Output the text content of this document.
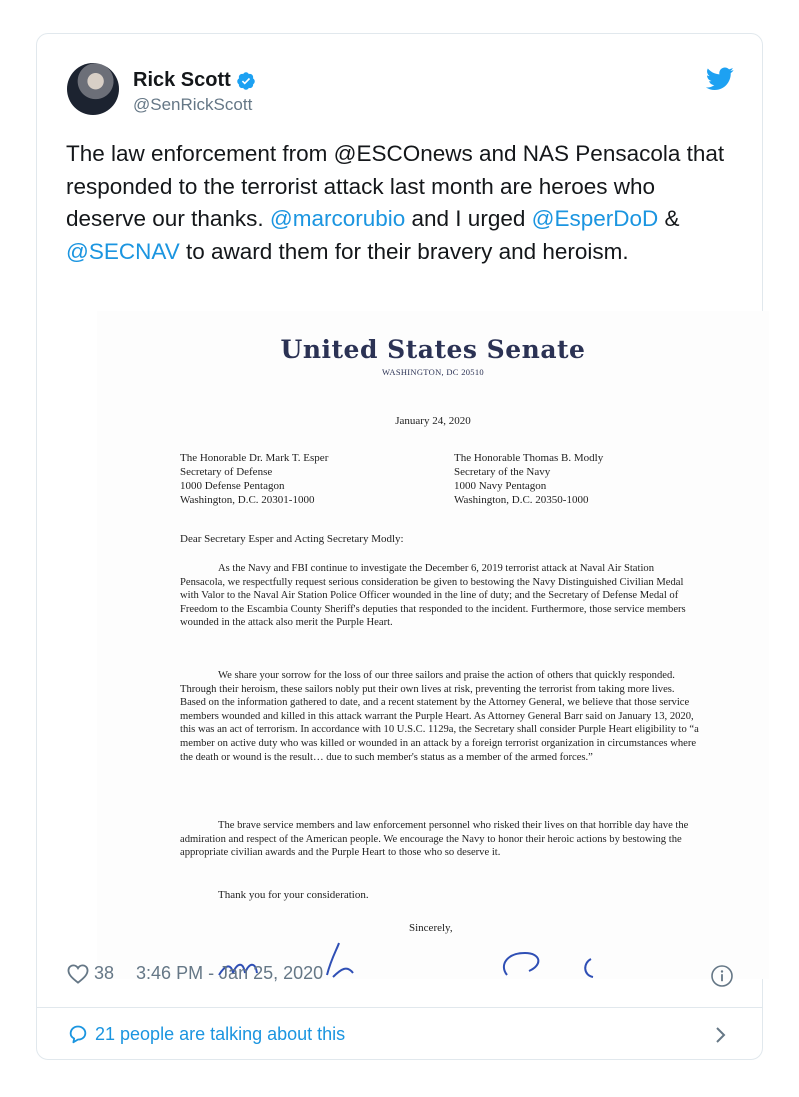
Rick Scott
@SenRickScott
The law enforcement from @ESCOnews and NAS Pensacola that responded to the terrorist attack last month are heroes who deserve our thanks. @marcorubio and I urged @EsperDoD & @SECNAV to award them for their bravery and heroism.
United States Senate
WASHINGTON, DC 20510
January 24, 2020
The Honorable Dr. Mark T. Esper
Secretary of Defense
1000 Defense Pentagon
Washington, D.C. 20301-1000
The Honorable Thomas B. Modly
Secretary of the Navy
1000 Navy Pentagon
Washington, D.C. 20350-1000
Dear Secretary Esper and Acting Secretary Modly:
As the Navy and FBI continue to investigate the December 6, 2019 terrorist attack at Naval Air Station Pensacola, we respectfully request serious consideration be given to bestowing the Navy Distinguished Civilian Medal with Valor to the Naval Air Station Police Officer wounded in the line of duty; and the Secretary of Defense Medal of Freedom to the Escambia County Sheriff's deputies that responded to the incident. Furthermore, those service members wounded in the attack also merit the Purple Heart.
We share your sorrow for the loss of our three sailors and praise the action of others that quickly responded. Through their heroism, these sailors nobly put their own lives at risk, preventing the terrorist from taking more lives. Based on the information gathered to date, and a recent statement by the Attorney General, we believe that those service members wounded and killed in this attack warrant the Purple Heart. As Attorney General Barr said on January 13, 2020, this was an act of terrorism. In accordance with 10 U.S.C. 1129a, the Secretary shall consider Purple Heart eligibility to “a member on active duty who was killed or wounded in an attack by a foreign terrorist organization in circumstances where the death or wound is the result… due to such member's status as a member of the armed forces.”
The brave service members and law enforcement personnel who risked their lives on that horrible day have the admiration and respect of the American people. We encourage the Navy to honor their heroic actions by bestowing the appropriate civilian awards and the Purple Heart to those who so deserve it.
Thank you for your consideration.
Sincerely,
38 3:46 PM - Jan 25, 2020
21 people are talking about this
